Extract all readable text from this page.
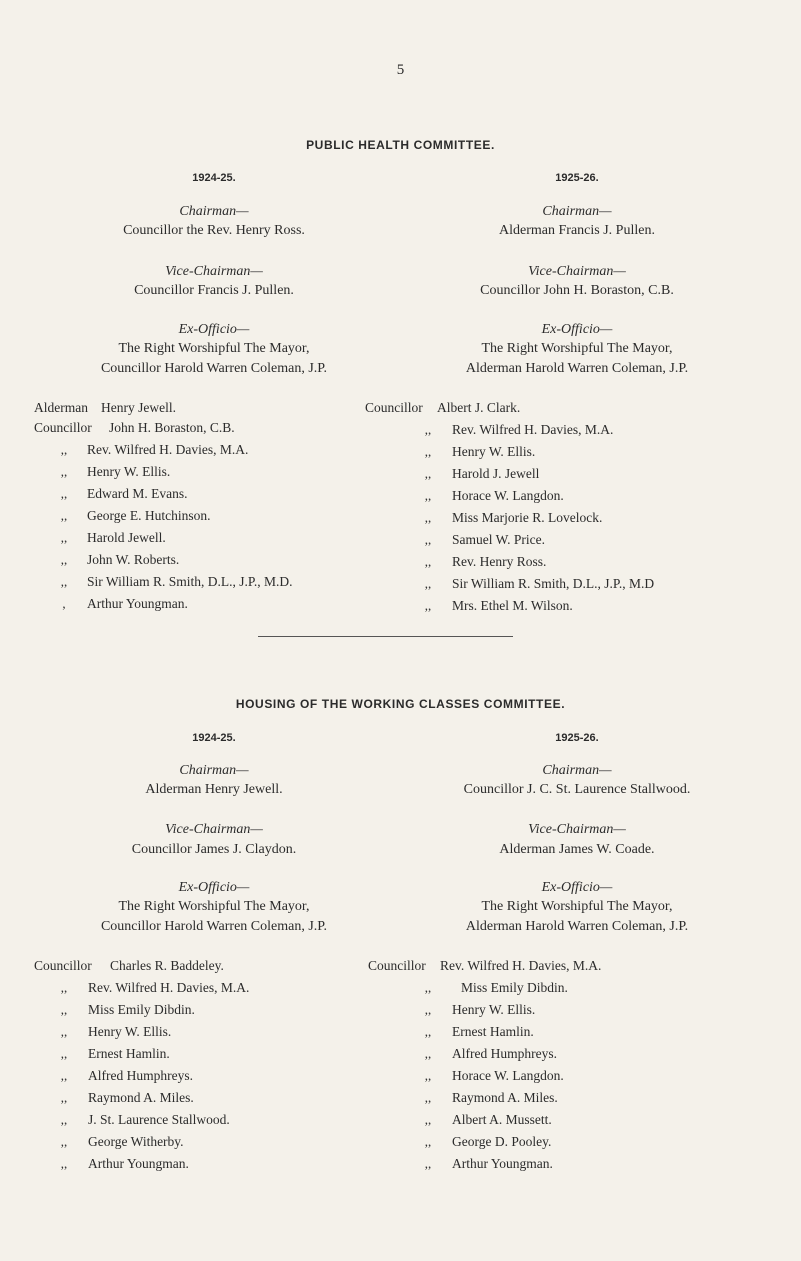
5
PUBLIC HEALTH COMMITTEE.
1924-25.	1925-26.
Chairman—
Councillor the Rev. Henry Ross.
Chairman—
Alderman Francis J. Pullen.
Vice-Chairman—
Councillor Francis J. Pullen.
Vice-Chairman—
Councillor John H. Boraston, C.B.
Ex-Officio—
The Right Worshipful The Mayor,
Councillor Harold Warren Coleman, J.P.
Ex-Officio—
The Right Worshipful The Mayor,
Alderman Harold Warren Coleman, J.P.
Alderman Henry Jewell.
Councillor John H. Boraston, C.B.
,,	Rev. Wilfred H. Davies, M.A.
,,	Henry W. Ellis.
,,	Edward M. Evans.
,,	George E. Hutchinson.
,,	Harold Jewell.
,,	John W. Roberts.
,,	Sir William R. Smith, D.L., J.P., M.D.
,	Arthur Youngman.
Councillor Albert J. Clark.
,,	Rev. Wilfred H. Davies, M.A.
,,	Henry W. Ellis.
,,	Harold J. Jewell
,,	Horace W. Langdon.
,,	Miss Marjorie R. Lovelock.
,,	Samuel W. Price.
,,	Rev. Henry Ross.
,,	Sir William R. Smith, D.L., J.P., M.D
,,	Mrs. Ethel M. Wilson.
HOUSING OF THE WORKING CLASSES COMMITTEE.
1924-25.	1925-26.
Chairman—
Alderman Henry Jewell.
Chairman—
Councillor J. C. St. Laurence Stallwood.
Vice-Chairman—
Councillor James J. Claydon.
Vice-Chairman—
Alderman James W. Coade.
Ex-Officio—
The Right Worshipful The Mayor,
Councillor Harold Warren Coleman, J.P.
Ex-Officio—
The Right Worshipful The Mayor,
Alderman Harold Warren Coleman, J.P.
Councillor Charles R. Baddeley.
,,	Rev. Wilfred H. Davies, M.A.
,,	Miss Emily Dibdin.
,,	Henry W. Ellis.
,,	Ernest Hamlin.
,,	Alfred Humphreys.
,,	Raymond A. Miles.
,,	J. St. Laurence Stallwood.
,,	George Witherby.
,,	Arthur Youngman.
Councillor Rev. Wilfred H. Davies, M.A.
,,	Miss Emily Dibdin.
,,	Henry W. Ellis.
,,	Ernest Hamlin.
,,	Alfred Humphreys.
,,	Horace W. Langdon.
,,	Raymond A. Miles.
,,	Albert A. Mussett.
,,	George D. Pooley.
,,	Arthur Youngman.
